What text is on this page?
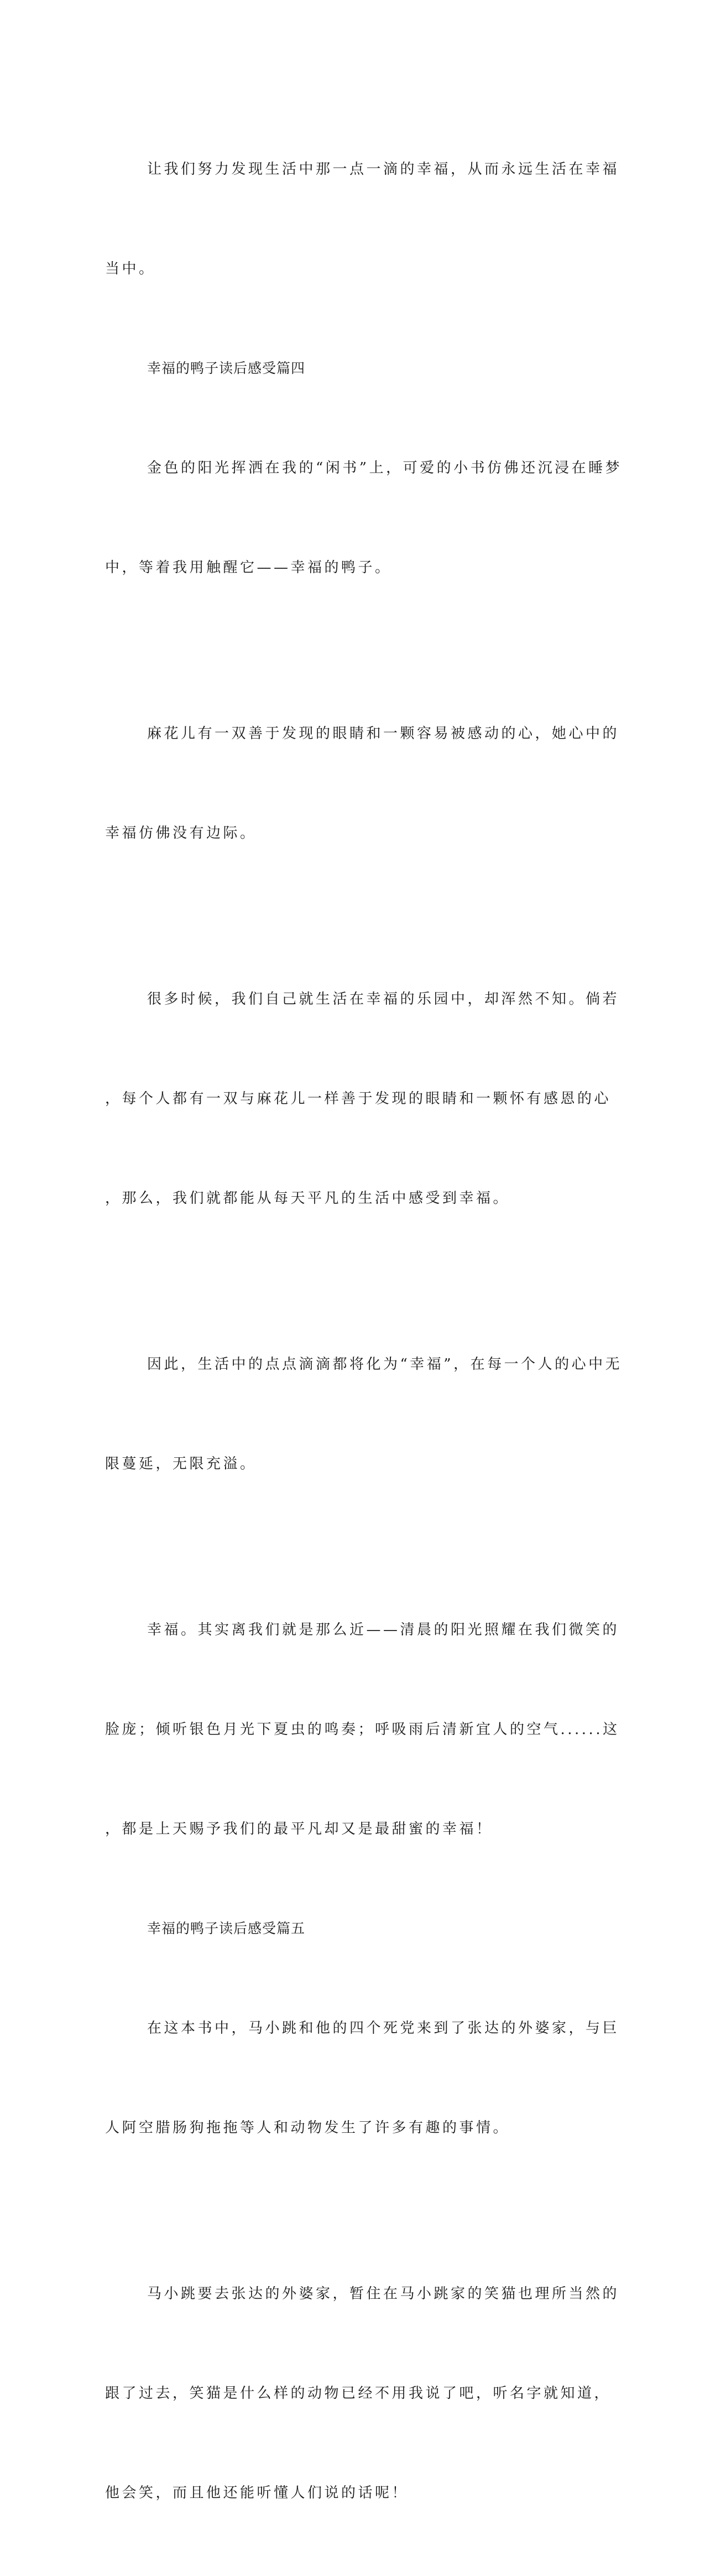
让我们努力发现生活中那一点一滴的幸福，从而永远生活在幸福

当中。

幸福的鸭子读后感受篇四

金色的阳光挥洒在我的“闲书”上，可爱的小书仿佛还沉浸在睡梦

中，等着我用触醒它——幸福的鸭子。

麻花儿有一双善于发现的眼睛和一颗容易被感动的心，她心中的

幸福仿佛没有边际。

很多时候，我们自己就生活在幸福的乐园中，却浑然不知。倘若

，每个人都有一双与麻花儿一样善于发现的眼睛和一颗怀有感恩的心

，那么，我们就都能从每天平凡的生活中感受到幸福。

因此，生活中的点点滴滴都将化为“幸福”，在每一个人的心中无

限蔓延，无限充溢。

幸福。其实离我们就是那么近——清晨的阳光照耀在我们微笑的

脸庞；倾听银色月光下夏虫的鸣奏；呼吸雨后清新宜人的空气......这

，都是上天赐予我们的最平凡却又是最甜蜜的幸福！

幸福的鸭子读后感受篇五

在这本书中，马小跳和他的四个死党来到了张达的外婆家，与巨

人阿空腊肠狗拖拖等人和动物发生了许多有趣的事情。

马小跳要去张达的外婆家，暂住在马小跳家的笑猫也理所当然的

跟了过去，笑猫是什么样的动物已经不用我说了吧，听名字就知道，

他会笑，而且他还能听懂人们说的话呢！
